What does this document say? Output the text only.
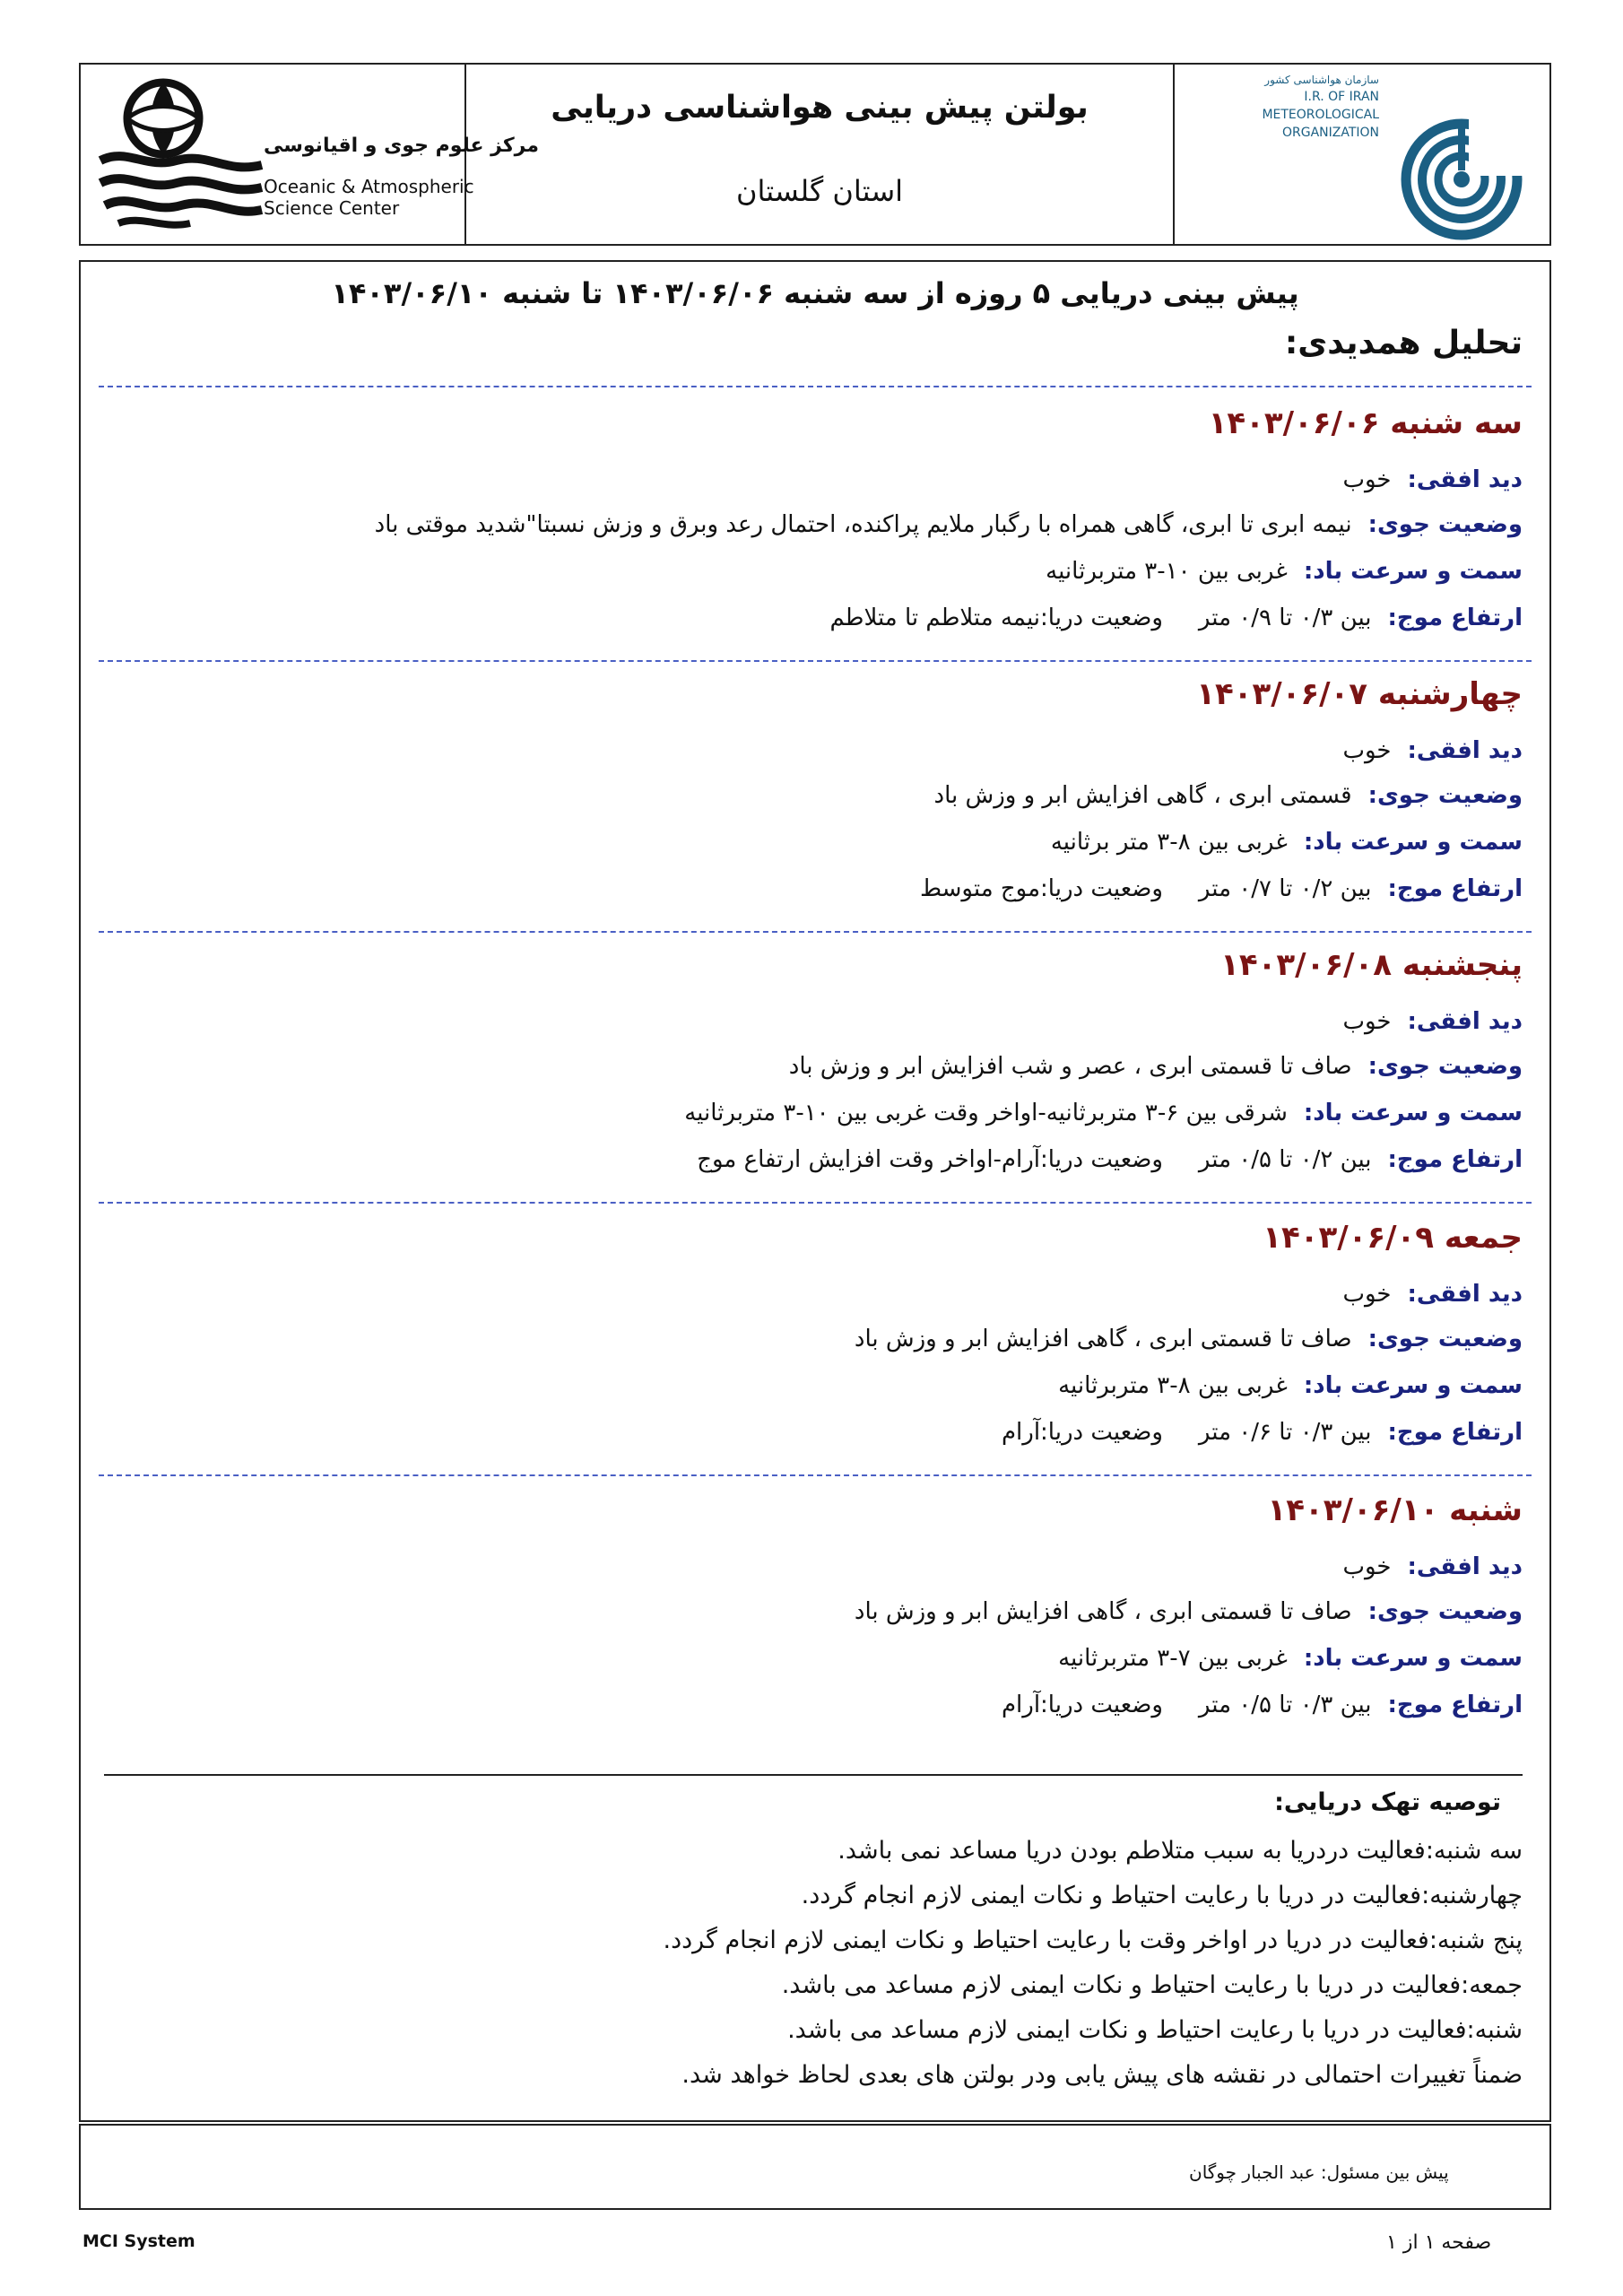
مرکز علوم جوی و اقیانوسی
Oceanic & Atmospheric
Science Center
بولتن پیش بینی هواشناسی دریایی
استان گلستان
سازمان هواشناسی کشور
I.R. OF IRAN
METEOROLOGICAL
ORGANIZATION
پیش بینی دریایی ۵ روزه از سه شنبه ۱۴۰۳/۰۶/۰۶ تا شنبه ۱۴۰۳/۰۶/۱۰
تحلیل همدیدی:
سه شنبه ۱۴۰۳/۰۶/۰۶
دید افقی:خوب
وضعیت جوی:نیمه ابری تا ابری، گاهی همراه با رگبار ملایم پراکنده، احتمال رعد وبرق و وزش نسبتا"شدید موقتی باد
سمت و سرعت باد:غربی بین ۱۰-۳ متربرثانیه
ارتفاع موج:بین ۰/۳ تا ۰/۹ متروضعیت دریا:نیمه متلاطم تا متلاطم
چهارشنبه ۱۴۰۳/۰۶/۰۷
دید افقی:خوب
وضعیت جوی:قسمتی ابری ، گاهی افزایش ابر و وزش باد
سمت و سرعت باد:غربی بین ۸-۳ متر برثانیه
ارتفاع موج:بین ۰/۲ تا ۰/۷ متروضعیت دریا:موج متوسط
پنجشنبه ۱۴۰۳/۰۶/۰۸
دید افقی:خوب
وضعیت جوی:صاف تا قسمتی ابری ، عصر و شب افزایش ابر و وزش باد
سمت و سرعت باد:شرقی بین ۶-۳ متربرثانیه-اواخر وقت غربی بین ۱۰-۳ متربرثانیه
ارتفاع موج:بین ۰/۲ تا ۰/۵ متروضعیت دریا:آرام-اواخر وقت افزایش ارتفاع موج
جمعه ۱۴۰۳/۰۶/۰۹
دید افقی:خوب
وضعیت جوی:صاف تا قسمتی ابری ، گاهی افزایش ابر و وزش باد
سمت و سرعت باد:غربی بین ۸-۳ متربرثانیه
ارتفاع موج:بین ۰/۳ تا ۰/۶ متروضعیت دریا:آرام
شنبه ۱۴۰۳/۰۶/۱۰
دید افقی:خوب
وضعیت جوی:صاف تا قسمتی ابری ، گاهی افزایش ابر و وزش باد
سمت و سرعت باد:غربی بین ۷-۳ متربرثانیه
ارتفاع موج:بین ۰/۳ تا ۰/۵ متروضعیت دریا:آرام
توصیه تهک دریایی:
سه شنبه:فعالیت دردریا به سبب متلاطم بودن دریا مساعد نمی باشد.
چهارشنبه:فعالیت در دریا با رعایت احتیاط و نکات ایمنی لازم انجام گردد.
پنج شنبه:فعالیت در دریا در اواخر وقت با رعایت احتیاط و نکات ایمنی لازم انجام گردد.
جمعه:فعالیت در دریا با رعایت احتیاط و نکات ایمنی لازم مساعد می باشد.
شنبه:فعالیت در دریا با رعایت احتیاط و نکات ایمنی لازم مساعد می باشد.
ضمناً تغییرات احتمالی در نقشه های پیش یابی ودر بولتن های بعدی لحاظ خواهد شد.
پیش بین مسئول: عبد الجبار چوگان
MCI System	صفحه ۱ از ۱
